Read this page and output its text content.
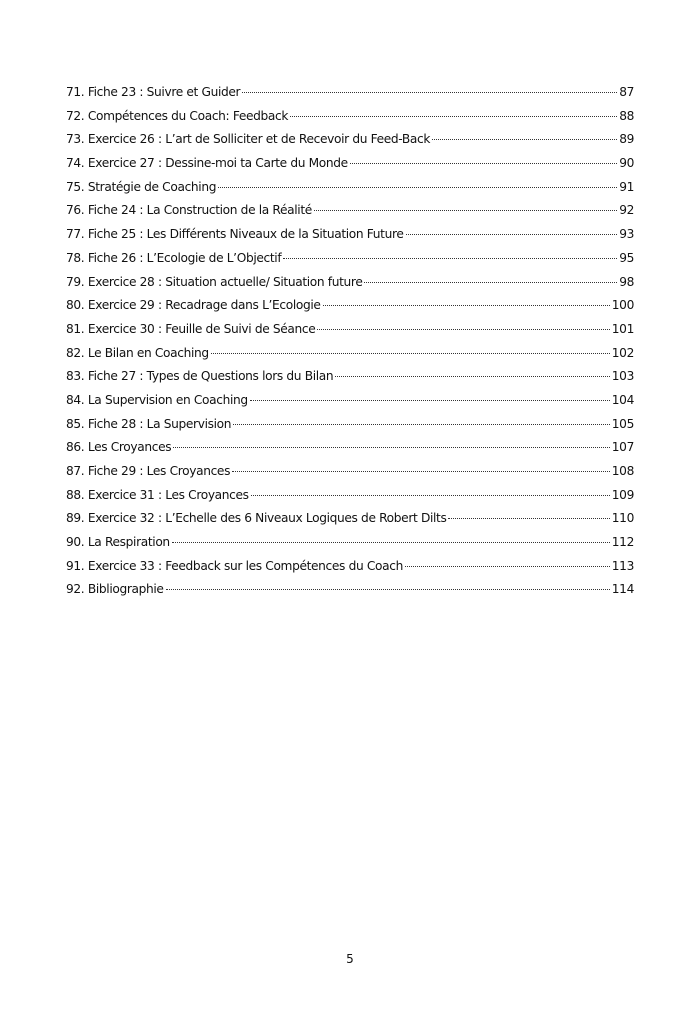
71. Fiche 23 : Suivre et Guider	87
72. Compétences du Coach: Feedback	88
73. Exercice 26 : L’art de Solliciter et de Recevoir du Feed-Back	89
74. Exercice 27 : Dessine-moi ta Carte du Monde	90
75. Stratégie de Coaching	91
76. Fiche 24 : La Construction de la Réalité	92
77. Fiche 25 : Les Différents Niveaux de la Situation Future	93
78. Fiche 26 : L’Ecologie de L’Objectif	95
79. Exercice 28 : Situation actuelle/ Situation future	98
80. Exercice 29 : Recadrage dans L’Ecologie	100
81. Exercice 30 : Feuille de Suivi de Séance	101
82. Le Bilan en Coaching	102
83. Fiche 27 : Types de Questions lors du Bilan	103
84. La Supervision en Coaching	104
85. Fiche 28 : La Supervision	105
86. Les Croyances	107
87. Fiche 29 : Les Croyances	108
88. Exercice 31 : Les Croyances	109
89. Exercice 32 : L’Echelle des 6 Niveaux Logiques de Robert Dilts	110
90. La Respiration	112
91. Exercice 33 : Feedback sur les Compétences du Coach	113
92. Bibliographie	114
5
